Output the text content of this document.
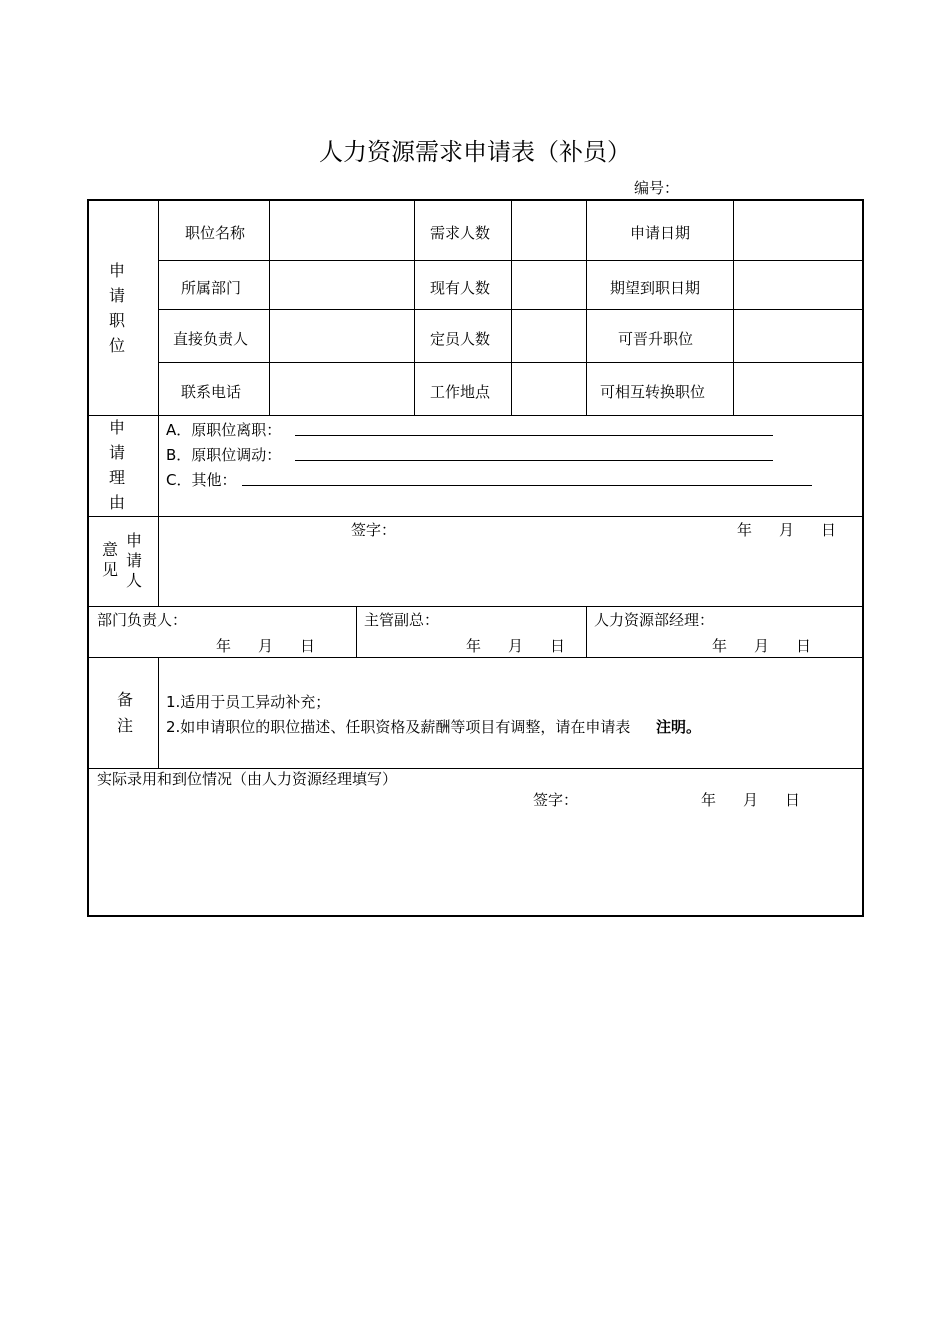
人力资源需求申请表（补员）
编号：
申请职位
职位名称	需求人数	申请日期
所属部门	现有人数	期望到职日期
直接负责人	定员人数	可晋升职位
联系电话	工作地点	可相互转换职位
申请理由
A．原职位离职：
B．原职位调动：
C．其他：
申请人
意见
签字：	年 月 日
部门负责人：
年 月 日
主管副总：
年 月 日
人力资源部经理：
年 月 日
备注
1.适用于员工异动补充；
2.如申请职位的职位描述、任职资格及薪酬等项目有调整，请在申请表 注明。
实际录用和到位情况（由人力资源经理填写）
签字：	年 月 日
